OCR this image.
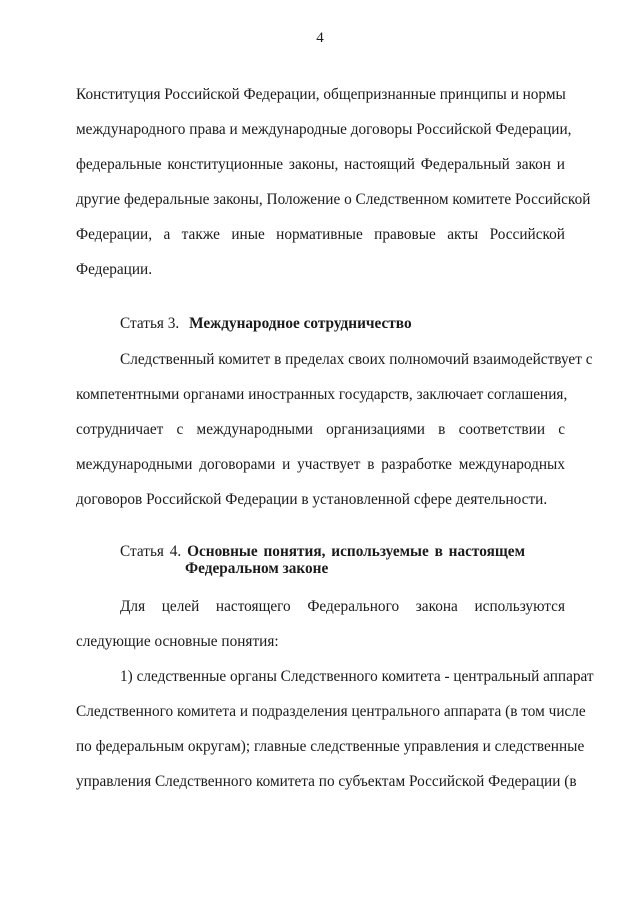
4
Конституция Российской Федерации, общепризнанные принципы и нормы
международного права и международные договоры Российской Федерации,
федеральные конституционные законы, настоящий Федеральный закон и
другие федеральные законы, Положение о Следственном комитете Российской
Федерации, а также иные нормативные правовые акты Российской
Федерации.
Статья 3. Международное сотрудничество
Следственный комитет в пределах своих полномочий взаимодействует с
компетентными органами иностранных государств, заключает соглашения,
сотрудничает с международными организациями в соответствии с
международными договорами и участвует в разработке международных
договоров Российской Федерации в установленной сфере деятельности.
Статья 4. Основные понятия, используемые в настоящем
Федеральном законе
Для целей настоящего Федерального закона используются
следующие основные понятия:
1) следственные органы Следственного комитета - центральный аппарат
Следственного комитета и подразделения центрального аппарата (в том числе
по федеральным округам); главные следственные управления и следственные
управления Следственного комитета по субъектам Российской Федерации (в
